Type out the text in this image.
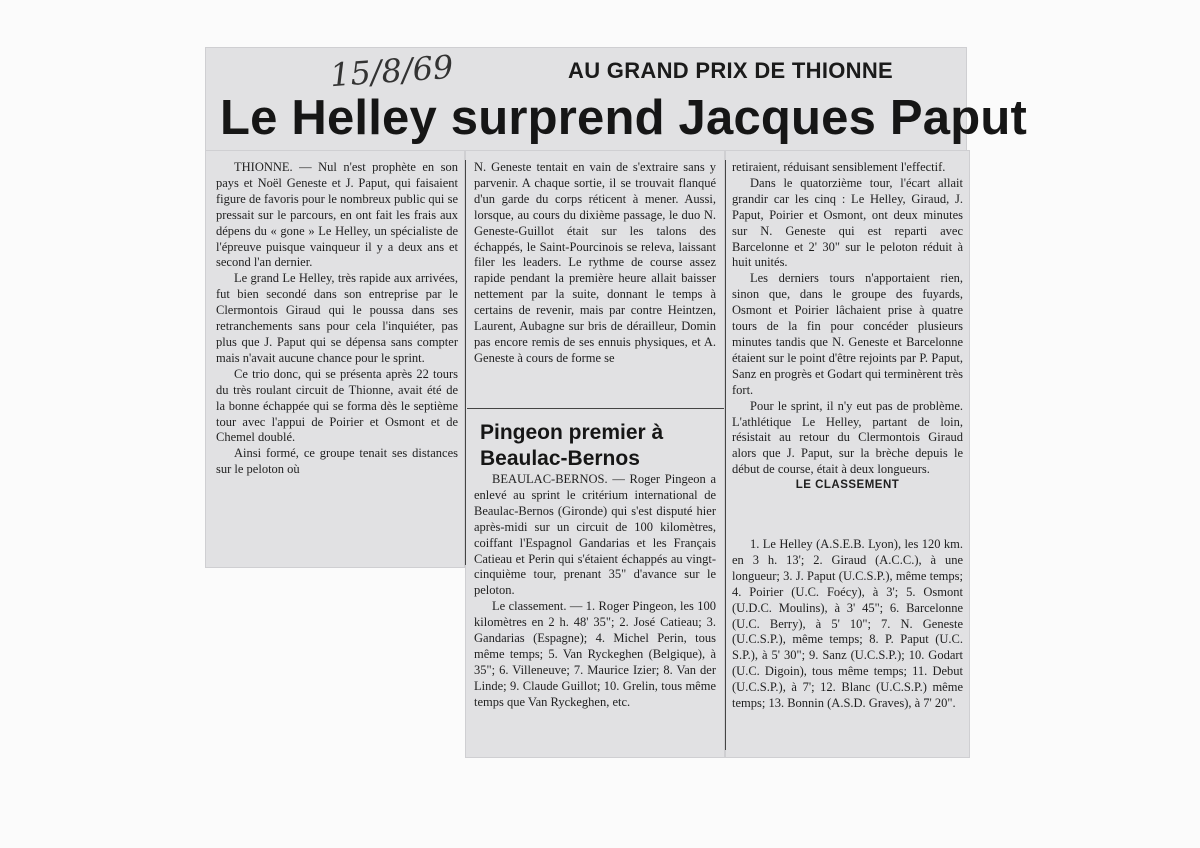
15/8/69	AU GRAND PRIX DE THIONNE
Le Helley surprend Jacques Paput

THIONNE. — Nul n'est prophète en son pays et Noël Geneste et J. Paput, qui faisaient figure de favoris pour le nombreux public qui se pressait sur le parcours, en ont fait les frais aux dépens du « gone » Le Helley, un spécialiste de l'épreuve puisque vainqueur il y a deux ans et second l'an dernier.

Le grand Le Helley, très rapide aux arrivées, fut bien secondé dans son entreprise par le Clermontois Giraud qui le poussa dans ses retranchements sans pour cela l'inquiéter, pas plus que J. Paput qui se dépensa sans compter mais n'avait aucune chance pour le sprint.

Ce trio donc, qui se présenta après 22 tours du très roulant circuit de Thionne, avait été de la bonne échappée qui se forma dès le septième tour avec l'appui de Poirier et Osmont et de Chemel doublé.

Ainsi formé, ce groupe tenait ses distances sur le peloton où

N. Geneste tentait en vain de s'extraire sans y parvenir. A chaque sortie, il se trouvait flanqué d'un garde du corps réticent à mener. Aussi, lorsque, au cours du dixième passage, le duo N. Geneste-Guillot était sur les talons des échappés, le Saint-Pourcinois se releva, laissant filer les leaders. Le rythme de course assez rapide pendant la première heure allait baisser nettement par la suite, donnant le temps à certains de revenir, mais par contre Heintzen, Laurent, Aubagne sur bris de dérailleur, Domin pas encore remis de ses ennuis physiques, et A. Geneste à cours de forme se

retiraient, réduisant sensiblement l'effectif.

Dans le quatorzième tour, l'écart allait grandir car les cinq : Le Helley, Giraud, J. Paput, Poirier et Osmont, ont deux minutes sur N. Geneste qui est reparti avec Barcelonne et 2' 30" sur le peloton réduit à huit unités.

Les derniers tours n'apportaient rien, sinon que, dans le groupe des fuyards, Osmont et Poirier lâchaient prise à quatre tours de la fin pour concéder plusieurs minutes tandis que N. Geneste et Barcelonne étaient sur le point d'être rejoints par P. Paput, Sanz en progrès et Godart qui terminèrent très fort.

Pour le sprint, il n'y eut pas de problème. L'athlétique Le Helley, partant de loin, résistait au retour du Clermontois Giraud alors que J. Paput, sur la brèche depuis le début de course, était à deux longueurs.

LE CLASSEMENT

1. Le Helley (A.S.E.B. Lyon), les 120 km. en 3 h. 13'; 2. Giraud (A.C.C.), à une longueur; 3. J. Paput (U.C.S.P.), même temps; 4. Poirier (U.C. Foécy), à 3'; 5. Osmont (U.D.C. Moulins), à 3' 45"; 6. Barcelonne (U.C. Berry), à 5' 10"; 7. N. Geneste (U.C.S.P.), même temps; 8. P. Paput (U.C. S.P.), à 5' 30"; 9. Sanz (U.C.S.P.); 10. Godart (U.C. Digoin), tous même temps; 11. Debut (U.C.S.P.), à 7'; 12. Blanc (U.C.S.P.) même temps; 13. Bonnin (A.S.D. Graves), à 7' 20".

Pingeon premier à Beaulac-Bernos

BEAULAC-BERNOS. — Roger Pingeon a enlevé au sprint le critérium international de Beaulac-Bernos (Gironde) qui s'est disputé hier après-midi sur un circuit de 100 kilomètres, coiffant l'Espagnol Gandarias et les Français Catieau et Perin qui s'étaient échappés au vingt-cinquième tour, prenant 35" d'avance sur le peloton.

Le classement. — 1. Roger Pingeon, les 100 kilomètres en 2 h. 48' 35"; 2. José Catieau; 3. Gandarias (Espagne); 4. Michel Perin, tous même temps; 5. Van Ryckeghen (Belgique), à 35"; 6. Villeneuve; 7. Maurice Izier; 8. Van der Linde; 9. Claude Guillot; 10. Grelin, tous même temps que Van Ryckeghen, etc.
